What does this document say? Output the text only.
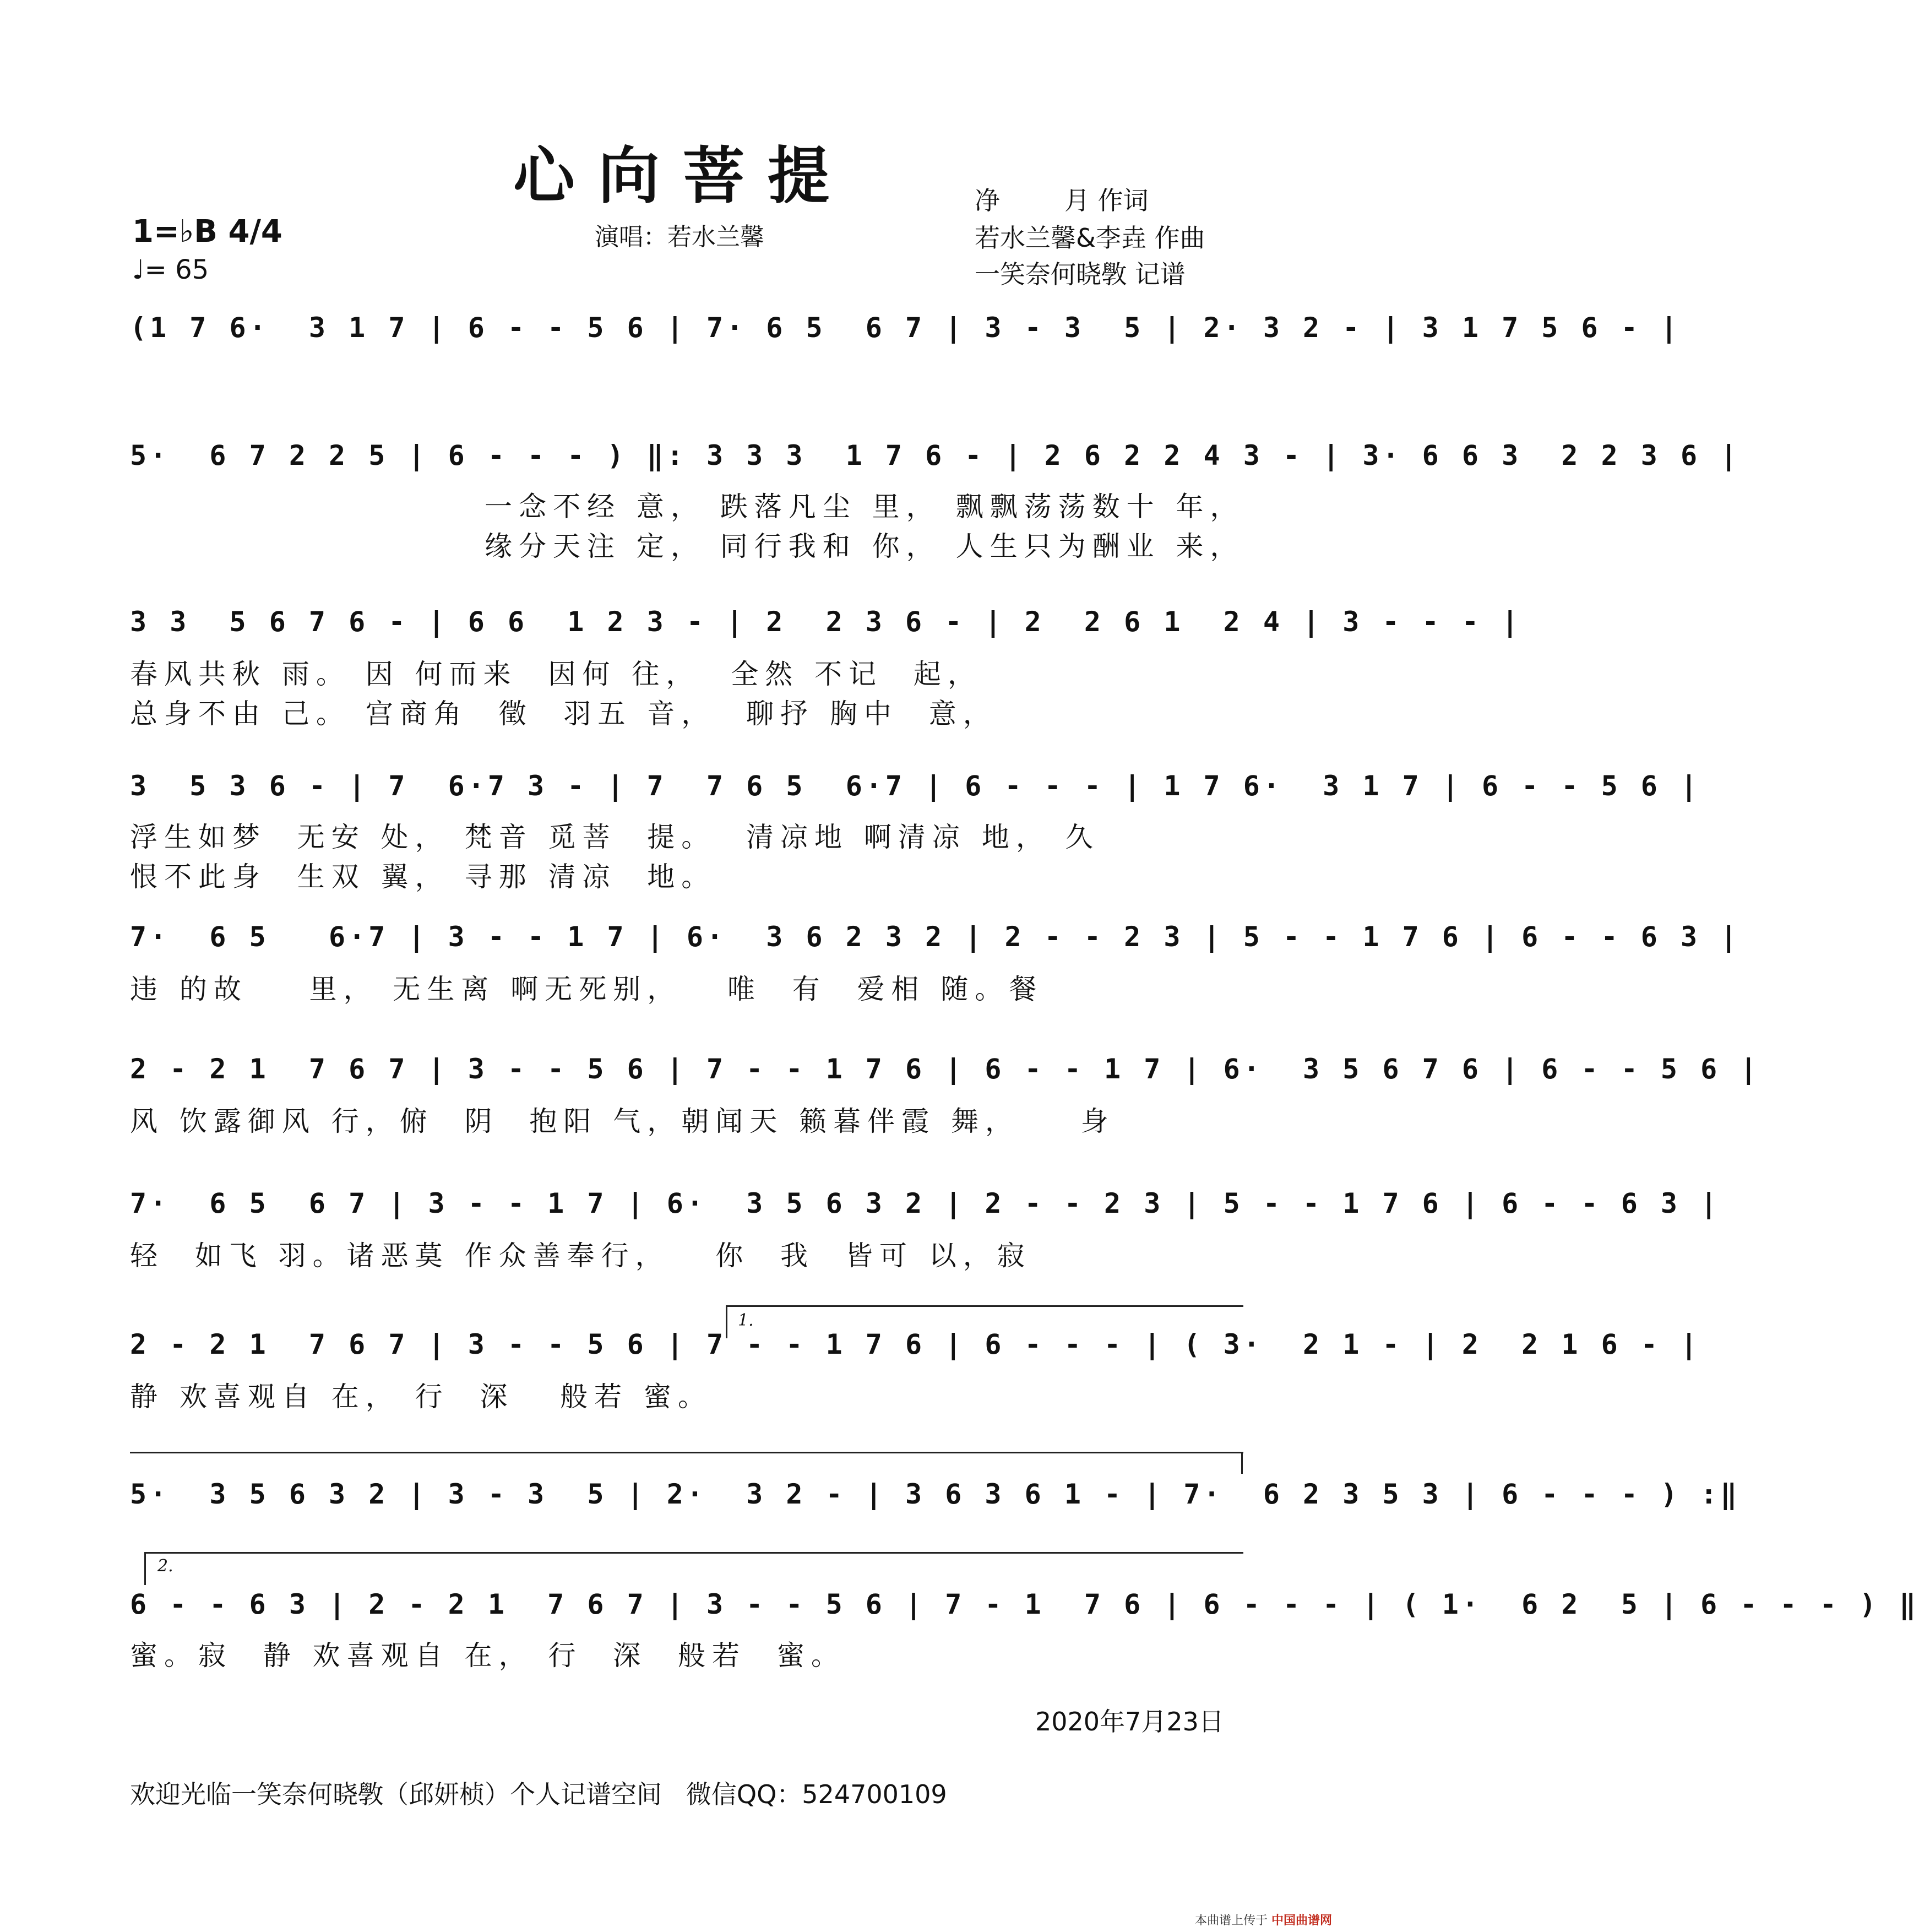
心向菩提
1=♭B 4/4
♩= 65
演唱：若水兰馨
净        月 作词
若水兰馨&李垚 作曲
一笑奈何晓斆 记谱
(1 7 6·  3 1 7 | 6 - - 5 6 | 7· 6 5  6 7 | 3 - 3  5 | 2· 3 2 - | 3 1 7 5 6 - |
5·  6 7 2 2 5 | 6 - - - ) ‖: 3 3 3  1 7 6 - | 2 6 2 2 4 3 - | 3· 6 6 3  2 2 3 6 |
一念不经 意， 跌落凡尘 里， 飘飘荡荡数十 年，
缘分天注 定， 同行我和 你， 人生只为酬业 来，
3 3  5 6 7 6 - | 6 6  1 2 3 - | 2  2 3 6 - | 2  2 6 1  2 4 | 3 - - - |
春风共秋 雨。 因 何而来  因何 往，  全然 不记  起，
总身不由 己。 宫商角  徵  羽五 音，  聊抒 胸中  意，
3  5 3 6 - | 7  6·7 3 - | 7  7 6 5  6·7 | 6 - - - | 1 7 6·  3 1 7 | 6 - - 5 6 |
浮生如梦  无安 处， 梵音 觅菩  提。  清凉地 啊清凉 地， 久
恨不此身  生双 翼， 寻那 清凉  地。
7·  6 5   6·7 | 3 - - 1 7 | 6·  3 6 2 3 2 | 2 - - 2 3 | 5 - - 1 7 6 | 6 - - 6 3 |
违 的故    里， 无生离 啊无死别，   唯  有  爱相 随。餐
2 - 2 1  7 6 7 | 3 - - 5 6 | 7 - - 1 7 6 | 6 - - 1 7 | 6·  3 5 6 7 6 | 6 - - 5 6 |
风 饮露御风 行，俯  阴  抱阳 气，朝闻天 籁暮伴霞 舞，    身
7·  6 5  6 7 | 3 - - 1 7 | 6·  3 5 6 3 2 | 2 - - 2 3 | 5 - - 1 7 6 | 6 - - 6 3 |
轻  如飞 羽。诸恶莫 作众善奉行，   你  我  皆可 以，寂
1.
2 - 2 1  7 6 7 | 3 - - 5 6 | 7 - - 1 7 6 | 6 - - - | ( 3·  2 1 - | 2  2 1 6 - |
静 欢喜观自 在， 行  深   般若 蜜。
5·  3 5 6 3 2 | 3 - 3  5 | 2·  3 2 - | 3 6 3 6 1 - | 7·  6 2 3 5 3 | 6 - - - ) :‖
2.
6 - - 6 3 | 2 - 2 1  7 6 7 | 3 - - 5 6 | 7 - 1  7 6 | 6 - - - | ( 1·  6 2  5 | 6 - - - ) ‖
蜜。寂  静 欢喜观自 在， 行  深  般若  蜜。
2020年7月23日
欢迎光临一笑奈何晓斆（邱妍桢）个人记谱空间   微信QQ：524700109
本曲谱上传于 中国曲谱网
